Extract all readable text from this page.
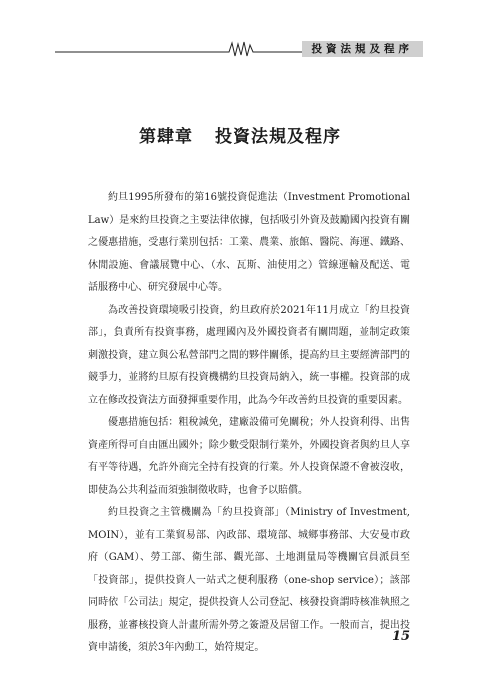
投資法規及程序
第肆章 投資法規及程序

約旦1995所發布的第16號投資促進法（Investment Promotional Law）是來約旦投資之主要法律依據，包括吸引外資及鼓勵國內投資有關之優惠措施，受惠行業別包括：工業、農業、旅館、醫院、海運、鐵路、休閒設施、會議展覽中心、（水、瓦斯、油使用之）管線運輸及配送、電話服務中心、研究發展中心等。

為改善投資環境吸引投資，約旦政府於2021年11月成立「約旦投資部」，負責所有投資事務，處理國內及外國投資者有關問題，並制定政策刺激投資，建立與公私營部門之間的夥伴關係，提高約旦主要經濟部門的競爭力，並將約旦原有投資機構約旦投資局納入，統一事權。投資部的成立在修改投資法方面發揮重要作用，此為今年改善約旦投資的重要因素。

優惠措施包括：粗稅減免，建廠設備可免關稅；外人投資利得、出售資產所得可自由匯出國外；除少數受限制行業外，外國投資者與約旦人享有平等待遇，允許外商完全持有投資的行業。外人投資保證不會被沒收，即使為公共利益而須強制徵收時，也會予以賠償。

約旦投資之主管機關為「約旦投資部」（Ministry of Investment, MOIN），並有工業貿易部、內政部、環境部、城鄉事務部、大安曼市政府（GAM）、勞工部、衛生部、觀光部、土地測量局等機關官員派員至「投資部」，提供投資人一站式之便利服務（one-shop service）；該部同時依「公司法」規定，提供投資人公司登記、核發投資謂時核准執照之服務，並審核投資人計畫所需外勞之簽證及居留工作。一般而言，提出投資申請後，須於3年內動工，始符規定。

15
